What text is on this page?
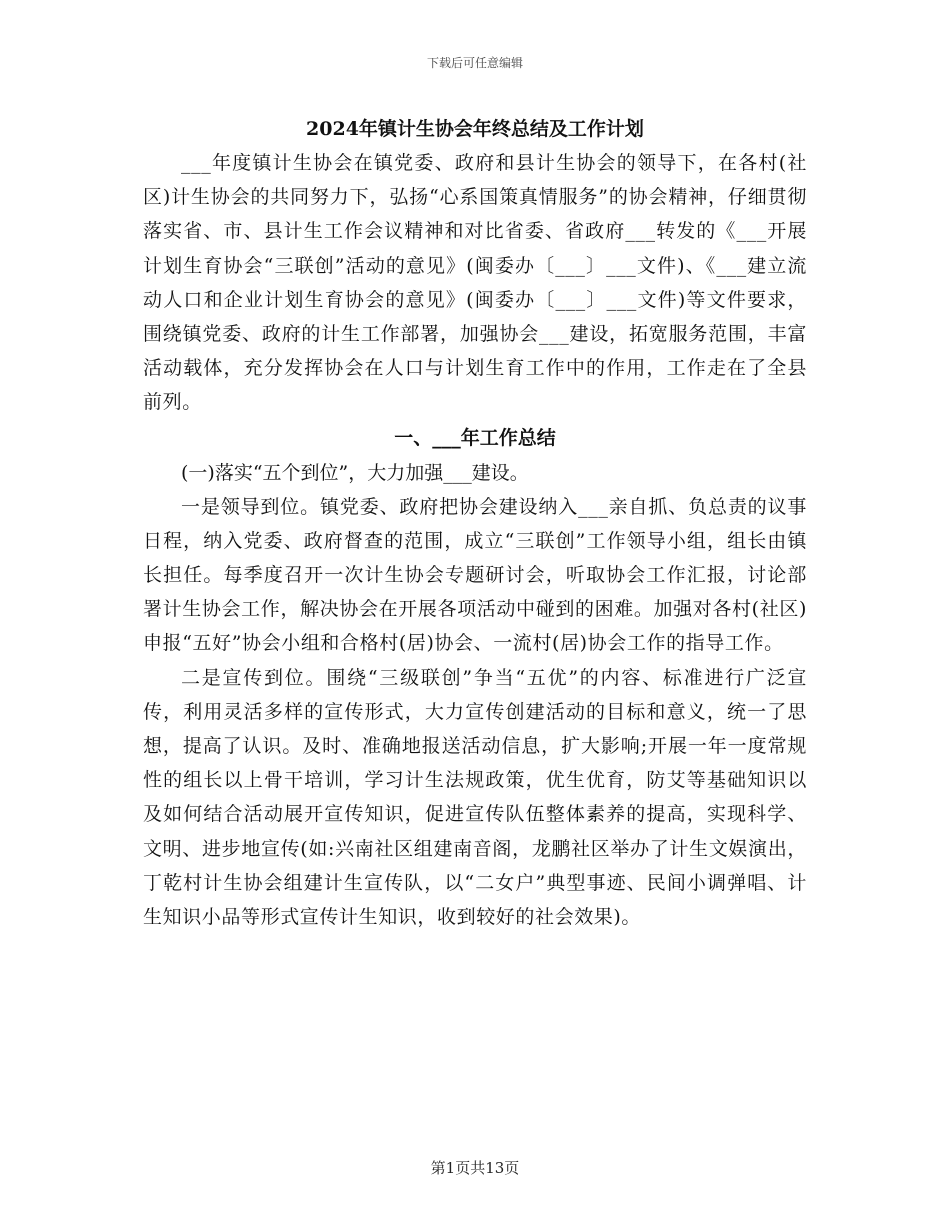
下载后可任意编辑
2024年镇计生协会年终总结及工作计划

___年度镇计生协会在镇党委、政府和县计生协会的领导下，在各村(社区)计生协会的共同努力下，弘扬“心系国策真情服务”的协会精神，仔细贯彻落实省、市、县计生工作会议精神和对比省委、省政府___转发的《___开展计划生育协会“三联创”活动的意见》(闽委办〔___〕___文件)、《___建立流动人口和企业计划生育协会的意见》(闽委办〔___〕___文件)等文件要求，围绕镇党委、政府的计生工作部署，加强协会___建设，拓宽服务范围，丰富活动载体，充分发挥协会在人口与计划生育工作中的作用，工作走在了全县前列。

一、___年工作总结

(一)落实“五个到位”，大力加强___建设。

一是领导到位。镇党委、政府把协会建设纳入___亲自抓、负总责的议事日程，纳入党委、政府督查的范围，成立“三联创”工作领导小组，组长由镇长担任。每季度召开一次计生协会专题研讨会，听取协会工作汇报，讨论部署计生协会工作，解决协会在开展各项活动中碰到的困难。加强对各村(社区)申报“五好”协会小组和合格村(居)协会、一流村(居)协会工作的指导工作。

二是宣传到位。围绕“三级联创”争当“五优”的内容、标准进行广泛宣传，利用灵活多样的宣传形式，大力宣传创建活动的目标和意义，统一了思想，提高了认识。及时、准确地报送活动信息，扩大影响;开展一年一度常规性的组长以上骨干培训，学习计生法规政策，优生优育，防艾等基础知识以及如何结合活动展开宣传知识，促进宣传队伍整体素养的提高，实现科学、文明、进步地宣传(如:兴南社区组建南音阁，龙鹏社区举办了计生文娱演出，丁乾村计生协会组建计生宣传队，以“二女户”典型事迹、民间小调弹唱、计生知识小品等形式宣传计生知识，收到较好的社会效果)。

第1页共13页
